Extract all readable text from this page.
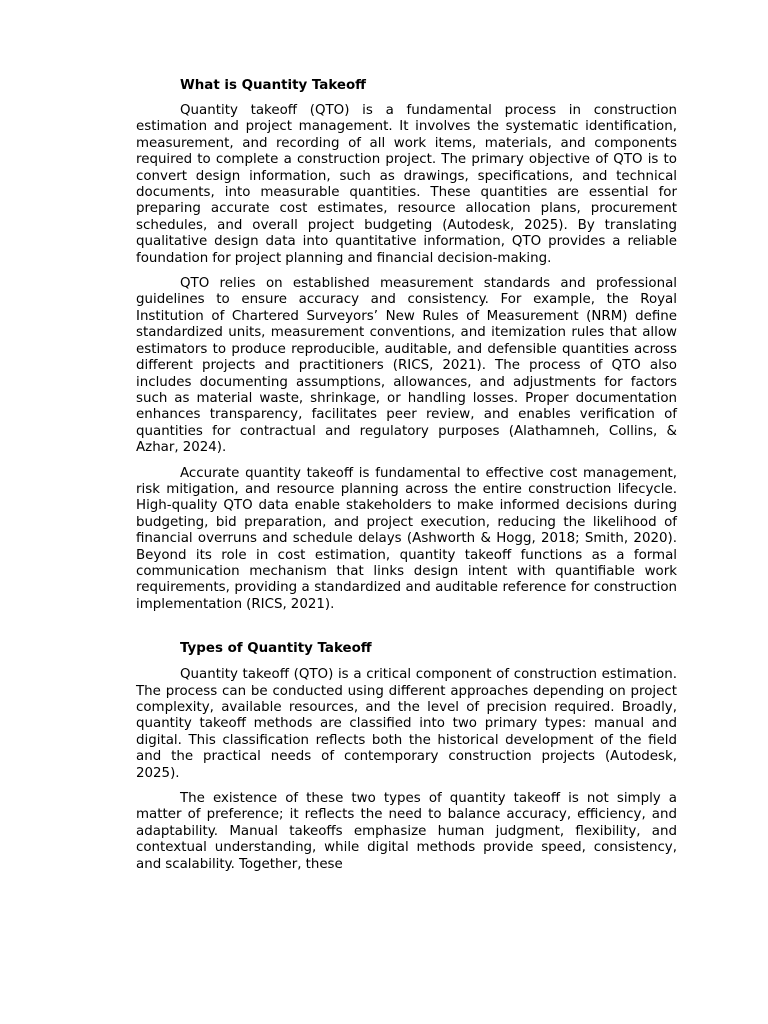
What is Quantity Takeoff

Quantity takeoff (QTO) is a fundamental process in construction estimation and project management. It involves the systematic identification, measurement, and recording of all work items, materials, and components required to complete a construction project. The primary objective of QTO is to convert design information, such as drawings, specifications, and technical documents, into measurable quantities. These quantities are essential for preparing accurate cost estimates, resource allocation plans, procurement schedules, and overall project budgeting (Autodesk, 2025). By translating qualitative design data into quantitative information, QTO provides a reliable foundation for project planning and financial decision-making.

QTO relies on established measurement standards and professional guidelines to ensure accuracy and consistency. For example, the Royal Institution of Chartered Surveyors’ New Rules of Measurement (NRM) define standardized units, measurement conventions, and itemization rules that allow estimators to produce reproducible, auditable, and defensible quantities across different projects and practitioners (RICS, 2021). The process of QTO also includes documenting assumptions, allowances, and adjustments for factors such as material waste, shrinkage, or handling losses. Proper documentation enhances transparency, facilitates peer review, and enables verification of quantities for contractual and regulatory purposes (Alathamneh, Collins, & Azhar, 2024).

Accurate quantity takeoff is fundamental to effective cost management, risk mitigation, and resource planning across the entire construction lifecycle. High-quality QTO data enable stakeholders to make informed decisions during budgeting, bid preparation, and project execution, reducing the likelihood of financial overruns and schedule delays (Ashworth & Hogg, 2018; Smith, 2020). Beyond its role in cost estimation, quantity takeoff functions as a formal communication mechanism that links design intent with quantifiable work requirements, providing a standardized and auditable reference for construction implementation (RICS, 2021).

Types of Quantity Takeoff

Quantity takeoff (QTO) is a critical component of construction estimation. The process can be conducted using different approaches depending on project complexity, available resources, and the level of precision required. Broadly, quantity takeoff methods are classified into two primary types: manual and digital. This classification reflects both the historical development of the field and the practical needs of contemporary construction projects (Autodesk, 2025).

The existence of these two types of quantity takeoff is not simply a matter of preference; it reflects the need to balance accuracy, efficiency, and adaptability. Manual takeoffs emphasize human judgment, flexibility, and contextual understanding, while digital methods provide speed, consistency, and scalability. Together, these
